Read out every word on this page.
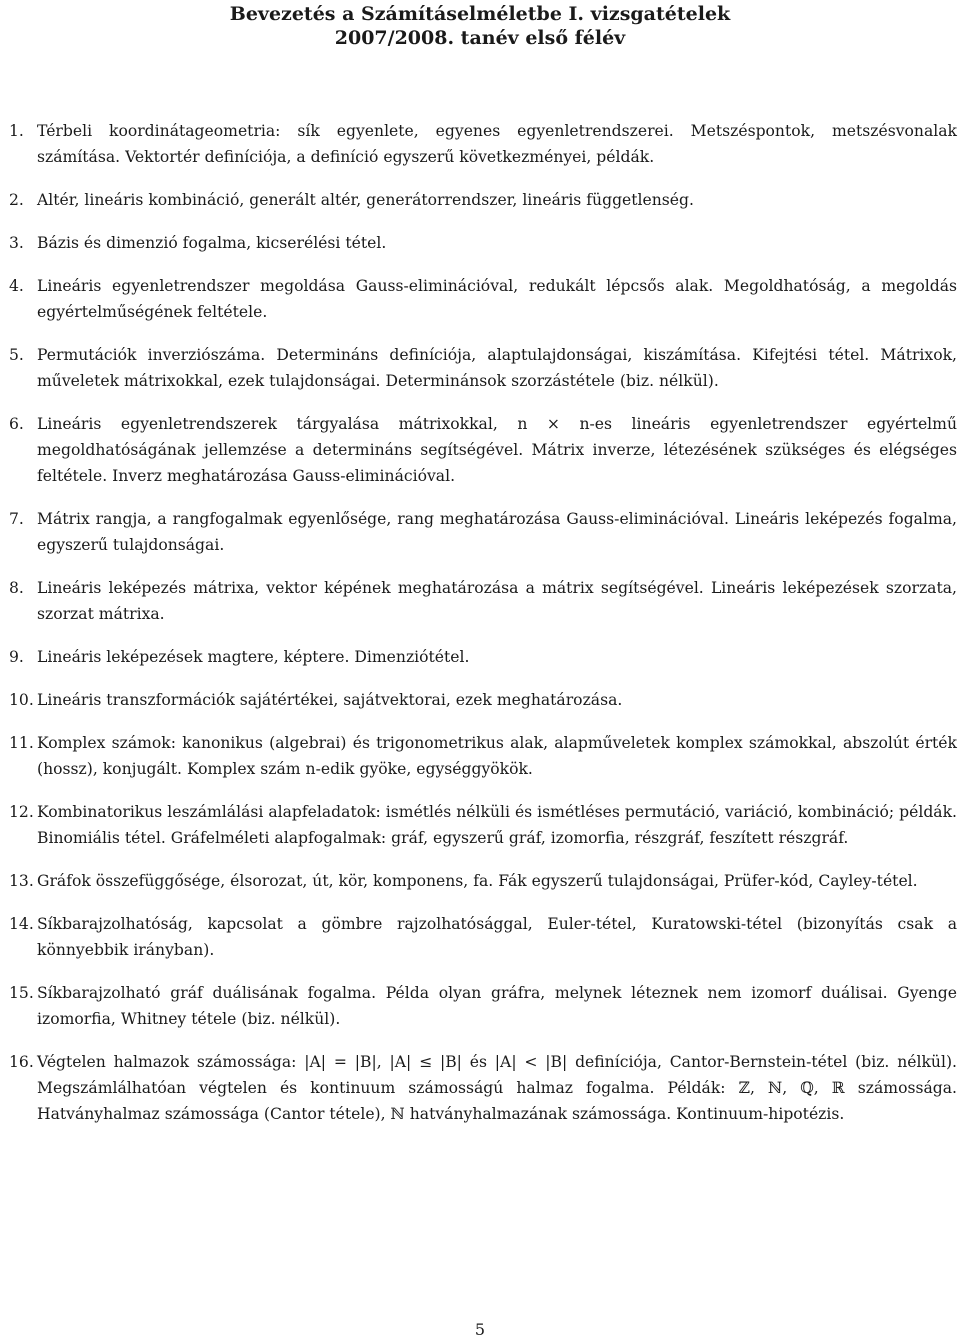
Bevezetés a Számításelméletbe I. vizsgatételek
2007/2008. tanév első félév
1. Térbeli koordinátageometria: sík egyenlete, egyenes egyenletrendszerei. Metszéspontok, metszésvonalak számítása. Vektortér definíciója, a definíció egyszerű következményei, példák.
2. Altér, lineáris kombináció, generált altér, generátorrendszer, lineáris függetlenség.
3. Bázis és dimenzió fogalma, kicserélési tétel.
4. Lineáris egyenletrendszer megoldása Gauss-eliminációval, redukált lépcsős alak. Megoldhatóság, a megoldás egyértelműségének feltétele.
5. Permutációk inverziószáma. Determináns definíciója, alaptulajdonságai, kiszámítása. Kifejtési tétel. Mátrixok, műveletek mátrixokkal, ezek tulajdonságai. Determinánsok szorzástétele (biz. nélkül).
6. Lineáris egyenletrendszerek tárgyalása mátrixokkal, n × n-es lineáris egyenletrendszer egyértelmű megoldhatóságának jellemzése a determináns segítségével. Mátrix inverze, létezésének szükséges és elégséges feltétele. Inverz meghatározása Gauss-eliminációval.
7. Mátrix rangja, a rangfogalmak egyenlősége, rang meghatározása Gauss-eliminációval. Lineáris leképezés fogalma, egyszerű tulajdonságai.
8. Lineáris leképezés mátrixa, vektor képének meghatározása a mátrix segítségével. Lineáris leképezések szorzata, szorzat mátrixa.
9. Lineáris leképezések magtere, képtere. Dimenziótétel.
10. Lineáris transzformációk sajátértékei, sajátvektorai, ezek meghatározása.
11. Komplex számok: kanonikus (algebrai) és trigonometrikus alak, alapműveletek komplex számokkal, abszolút érték (hossz), konjugált. Komplex szám n-edik gyöke, egységgyökök.
12. Kombinatorikus leszámlálási alapfeladatok: ismétlés nélküli és ismétléses permutáció, variáció, kombináció; példák. Binomiális tétel. Gráfelméleti alapfogalmak: gráf, egyszerű gráf, izomorfia, részgráf, feszített részgráf.
13. Gráfok összefüggősége, élsorozat, út, kör, komponens, fa. Fák egyszerű tulajdonságai, Prüfer-kód, Cayley-tétel.
14. Síkbarajzolhatóság, kapcsolat a gömbre rajzolhatósággal, Euler-tétel, Kuratowski-tétel (bizonyítás csak a könnyebbik irányban).
15. Síkbarajzolható gráf duálisának fogalma. Példa olyan gráfra, melynek léteznek nem izomorf duálisai. Gyenge izomorfia, Whitney tétele (biz. nélkül).
16. Végtelen halmazok számossága: |A| = |B|, |A| ≤ |B| és |A| < |B| definíciója, Cantor-Bernstein-tétel (biz. nélkül). Megszámlálhatóan végtelen és kontinuum számosságú halmaz fogalma. Példák: ℤ, ℕ, ℚ, ℝ számossága. Hatványhalmaz számossága (Cantor tétele), ℕ hatványhalmazának számossága. Kontinuum-hipotézis.
5
